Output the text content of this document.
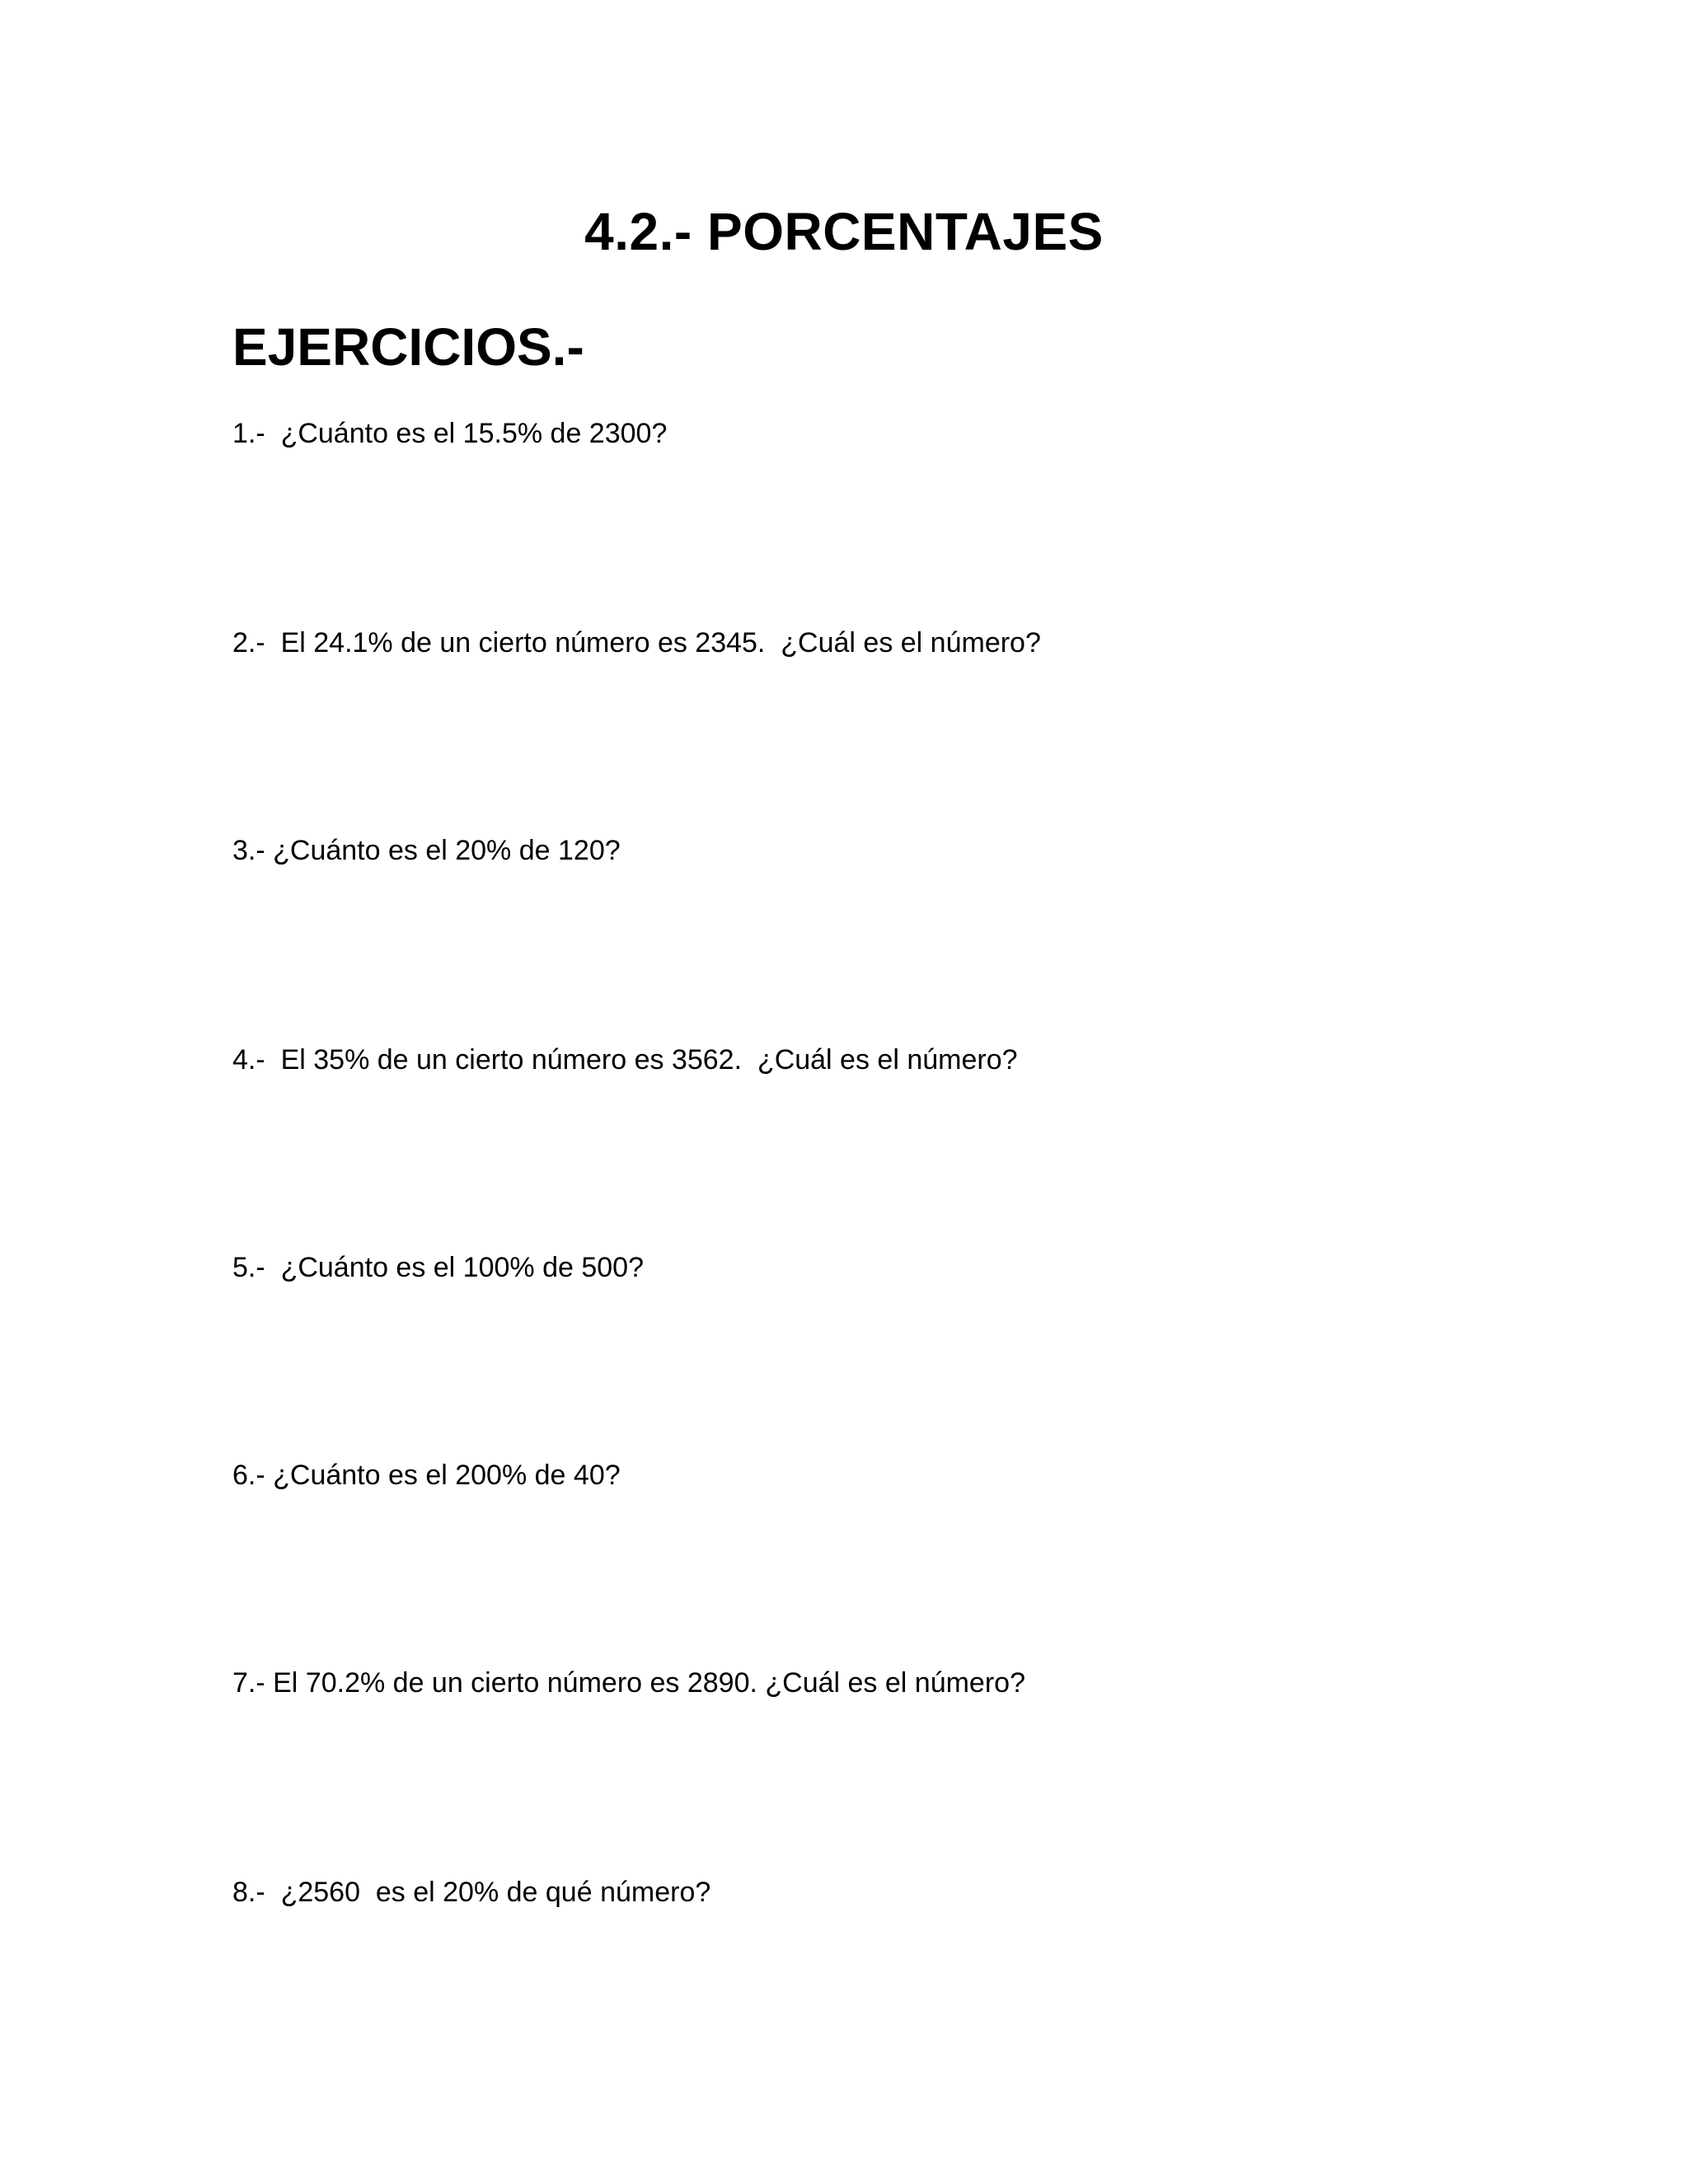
4.2.- PORCENTAJES
EJERCICIOS.-
1.-  ¿Cuánto es el 15.5% de 2300?
2.-  El 24.1% de un cierto número es 2345.  ¿Cuál es el número?
3.- ¿Cuánto es el 20% de 120?
4.-  El 35% de un cierto número es 3562.  ¿Cuál es el número?
5.-  ¿Cuánto es el 100% de 500?
6.- ¿Cuánto es el 200% de 40?
7.- El 70.2% de un cierto número es 2890. ¿Cuál es el número?
8.-  ¿2560  es el 20% de qué número?
